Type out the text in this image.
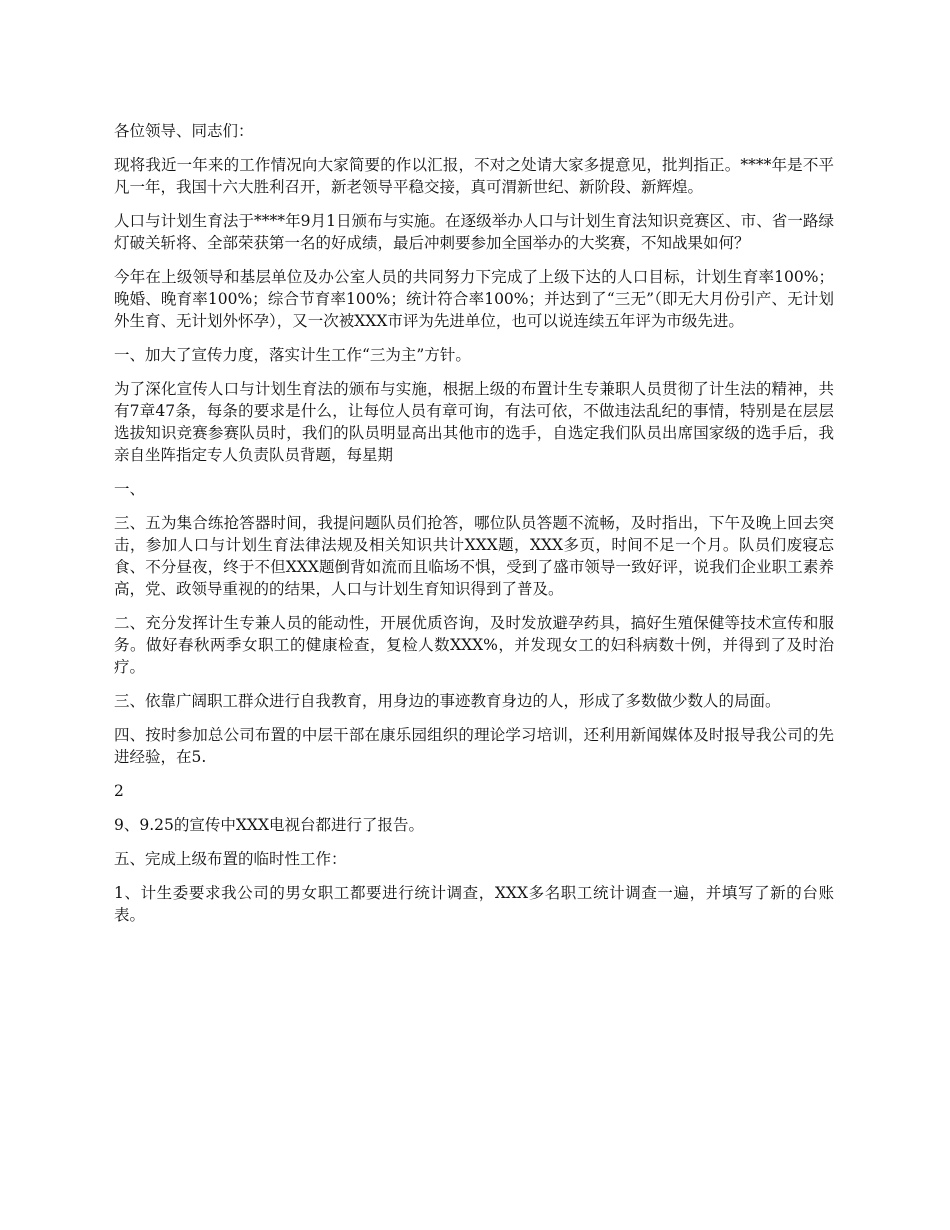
各位领导、同志们：

现将我近一年来的工作情况向大家简要的作以汇报，不对之处请大家多提意见，批判指正。****年是不平凡一年，我国十六大胜利召开，新老领导平稳交接，真可渭新世纪、新阶段、新辉煌。

人口与计划生育法于****年9月1日颁布与实施。在逐级举办人口与计划生育法知识竞赛区、市、省一路绿灯破关斩将、全部荣获第一名的好成绩，最后冲刺要参加全国举办的大奖赛，不知战果如何？

今年在上级领导和基层单位及办公室人员的共同努力下完成了上级下达的人口目标，计划生育率100%；晚婚、晚育率100%；综合节育率100%；统计符合率100%；并达到了“三无”（即无大月份引产、无计划外生育、无计划外怀孕），又一次被XXX市评为先进单位，也可以说连续五年评为市级先进。

一、加大了宣传力度，落实计生工作“三为主”方针。

为了深化宣传人口与计划生育法的颁布与实施，根据上级的布置计生专兼职人员贯彻了计生法的精神，共有7章47条，每条的要求是什么，让每位人员有章可询，有法可依，不做违法乱纪的事情，特别是在层层选拔知识竞赛参赛队员时，我们的队员明显高出其他市的选手，自选定我们队员出席国家级的选手后，我亲自坐阵指定专人负责队员背题，每星期

一、

三、五为集合练抢答器时间，我提问题队员们抢答，哪位队员答题不流畅，及时指出，下午及晚上回去突击，参加人口与计划生育法律法规及相关知识共计XXX题，XXX多页，时间不足一个月。队员们废寝忘食、不分昼夜，终于不但XXX题倒背如流而且临场不惧，受到了盛市领导一致好评，说我们企业职工素养高，党、政领导重视的的结果，人口与计划生育知识得到了普及。

二、充分发挥计生专兼人员的能动性，开展优质咨询，及时发放避孕药具，搞好生殖保健等技术宣传和服务。做好春秋两季女职工的健康检查，复检人数XXX%，并发现女工的妇科病数十例，并得到了及时治疗。

三、依靠广阔职工群众进行自我教育，用身边的事迹教育身边的人，形成了多数做少数人的局面。

四、按时参加总公司布置的中层干部在康乐园组织的理论学习培训，还利用新闻媒体及时报导我公司的先进经验，在5.

2

9、9.25的宣传中XXX电视台都进行了报告。

五、完成上级布置的临时性工作：

1、计生委要求我公司的男女职工都要进行统计调查，XXX多名职工统计调查一遍，并填写了新的台账表。
